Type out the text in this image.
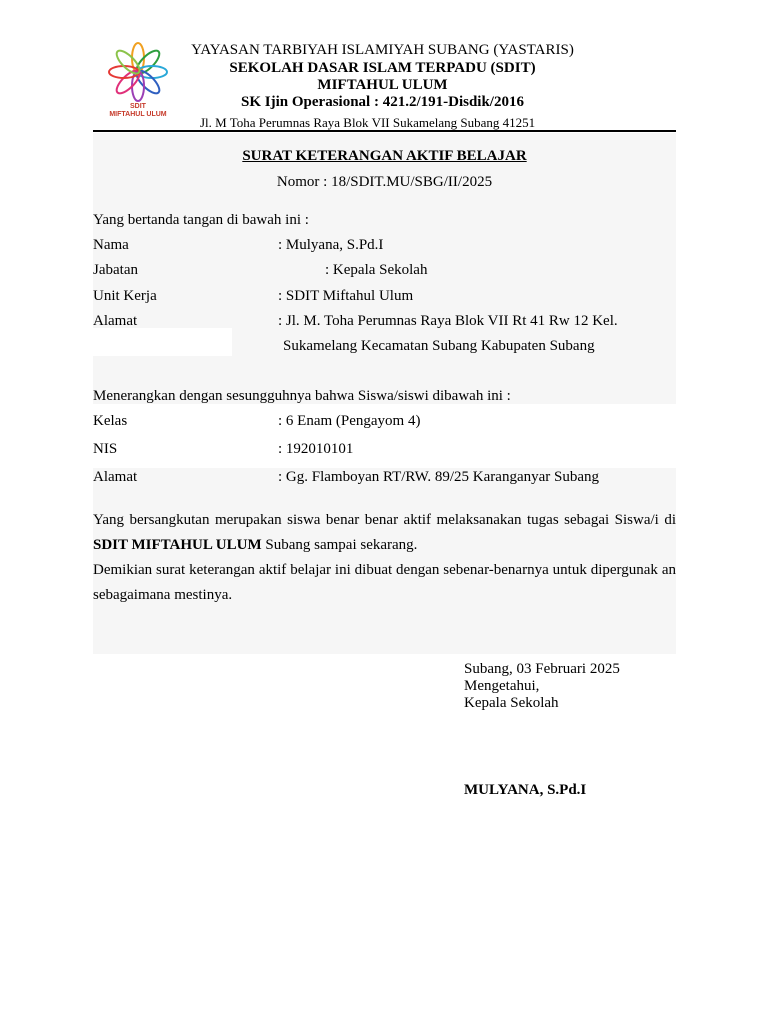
SDIT
MIFTAHUL ULUM
YAYASAN TARBIYAH ISLAMIYAH SUBANG (YASTARIS)
SEKOLAH DASAR ISLAM TERPADU (SDIT)
MIFTAHUL ULUM
SK Ijin Operasional : 421.2/191-Disdik/2016
Jl. M Toha Perumnas Raya Blok VII Sukamelang Subang 41251
SURAT KETERANGAN AKTIF BELAJAR
Nomor : 18/SDIT.MU/SBG/II/2025
Yang bertanda tangan di bawah ini :
Nama	: Mulyana, S.Pd.I
Jabatan	: Kepala Sekolah
Unit Kerja	: SDIT Miftahul Ulum
Alamat	: Jl. M. Toha Perumnas Raya Blok VII Rt 41 Rw 12 Kel.
Sukamelang Kecamatan Subang Kabupaten Subang
Menerangkan dengan sesungguhnya bahwa Siswa/siswi dibawah ini :
Kelas	: 6 Enam (Pengayom 4)
NIS	: 192010101
Alamat	: Gg. Flamboyan RT/RW. 89/25 Karanganyar Subang
Yang bersangkutan merupakan siswa benar benar aktif melaksanakan tugas sebagai Siswa/i di SDIT MIFTAHUL ULUM Subang sampai sekarang.
Demikian surat keterangan aktif belajar ini dibuat dengan sebenar-benarnya untuk dipergunak an sebagaimana mestinya.
Subang, 03 Februari 2025
Mengetahui,
Kepala Sekolah
MULYANA, S.Pd.I
